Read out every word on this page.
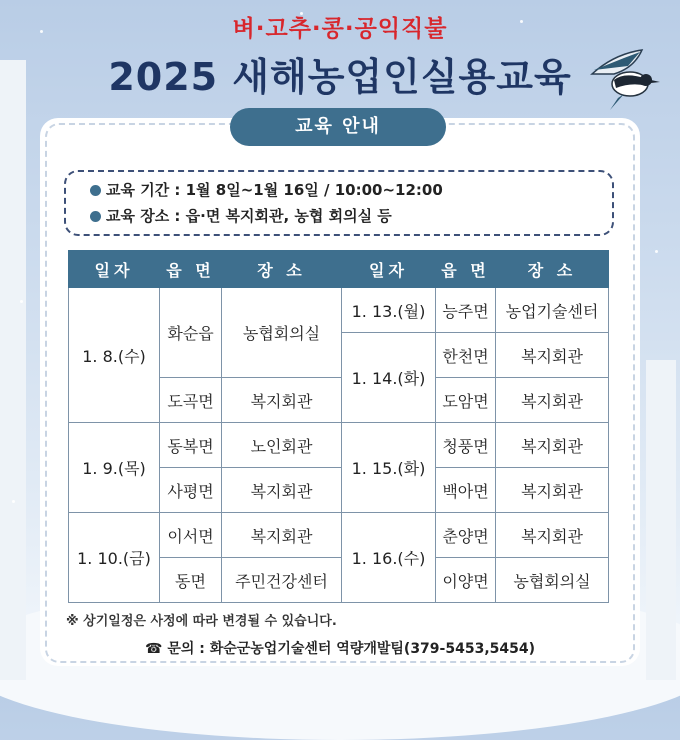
벼·고추·콩·공익직불
2025 새해농업인실용교육
교육 안내
교육 기간 : 1월 8일~1월 16일 / 10:00~12:00
교육 장소 : 읍·면 복지회관, 농협 회의실 등
일자	읍 면	장 소	일자	읍 면	장 소
1. 8.(수)	화순읍	농협회의실	1. 13.(월)	능주면	농업기술센터
			1. 14.(화)	한천면	복지회관
	도곡면	복지회관		도암면	복지회관
1. 9.(목)	동복면	노인회관	1. 15.(화)	청풍면	복지회관
	사평면	복지회관		백아면	복지회관
1. 10.(금)	이서면	복지회관	1. 16.(수)	춘양면	복지회관
	동면	주민건강센터		이양면	농협회의실
※ 상기일정은 사정에 따라 변경될 수 있습니다.
☎ 문의 : 화순군농업기술센터 역량개발팀(379-5453,5454)
